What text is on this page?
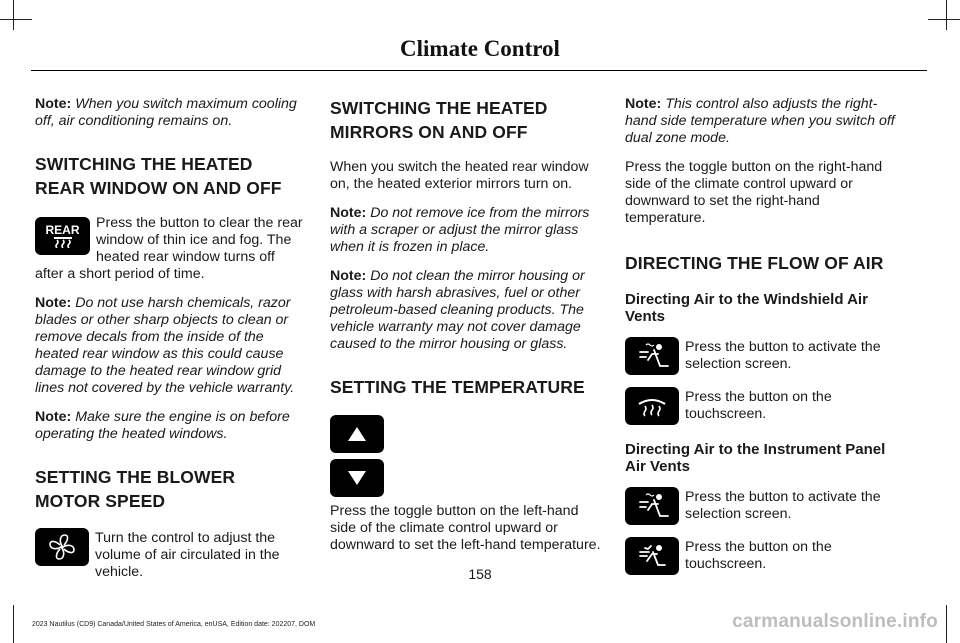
Climate Control

Note: When you switch maximum cooling off, air conditioning remains on.

SWITCHING THE HEATED REAR WINDOW ON AND OFF

REAR Press the button to clear the rear window of thin ice and fog. The heated rear window turns off after a short period of time.

Note: Do not use harsh chemicals, razor blades or other sharp objects to clean or remove decals from the inside of the heated rear window as this could cause damage to the heated rear window grid lines not covered by the vehicle warranty.

Note: Make sure the engine is on before operating the heated windows.

SETTING THE BLOWER MOTOR SPEED
Turn the control to adjust the volume of air circulated in the vehicle.
SWITCHING THE HEATED MIRRORS ON AND OFF

When you switch the heated rear window on, the heated exterior mirrors turn on.

Note: Do not remove ice from the mirrors with a scraper or adjust the mirror glass when it is frozen in place.

Note: Do not clean the mirror housing or glass with harsh abrasives, fuel or other petroleum-based cleaning products. The vehicle warranty may not cover damage caused to the mirror housing or glass.

SETTING THE TEMPERATURE

Press the toggle button on the left-hand side of the climate control upward or downward to set the left-hand temperature.

Note: This control also adjusts the right-hand side temperature when you switch off dual zone mode.

Press the toggle button on the right-hand side of the climate control upward or downward to set the right-hand temperature.

DIRECTING THE FLOW OF AIR
Directing Air to the Windshield Air Vents
Press the button to activate the selection screen.
Press the button on the touchscreen.
Directing Air to the Instrument Panel Air Vents
Press the button to activate the selection screen.
Press the button on the touchscreen.
158
2023 Nautilus (CD9) Canada/United States of America, enUSA, Edition date: 202207, DOM	carmanualsonline.info
